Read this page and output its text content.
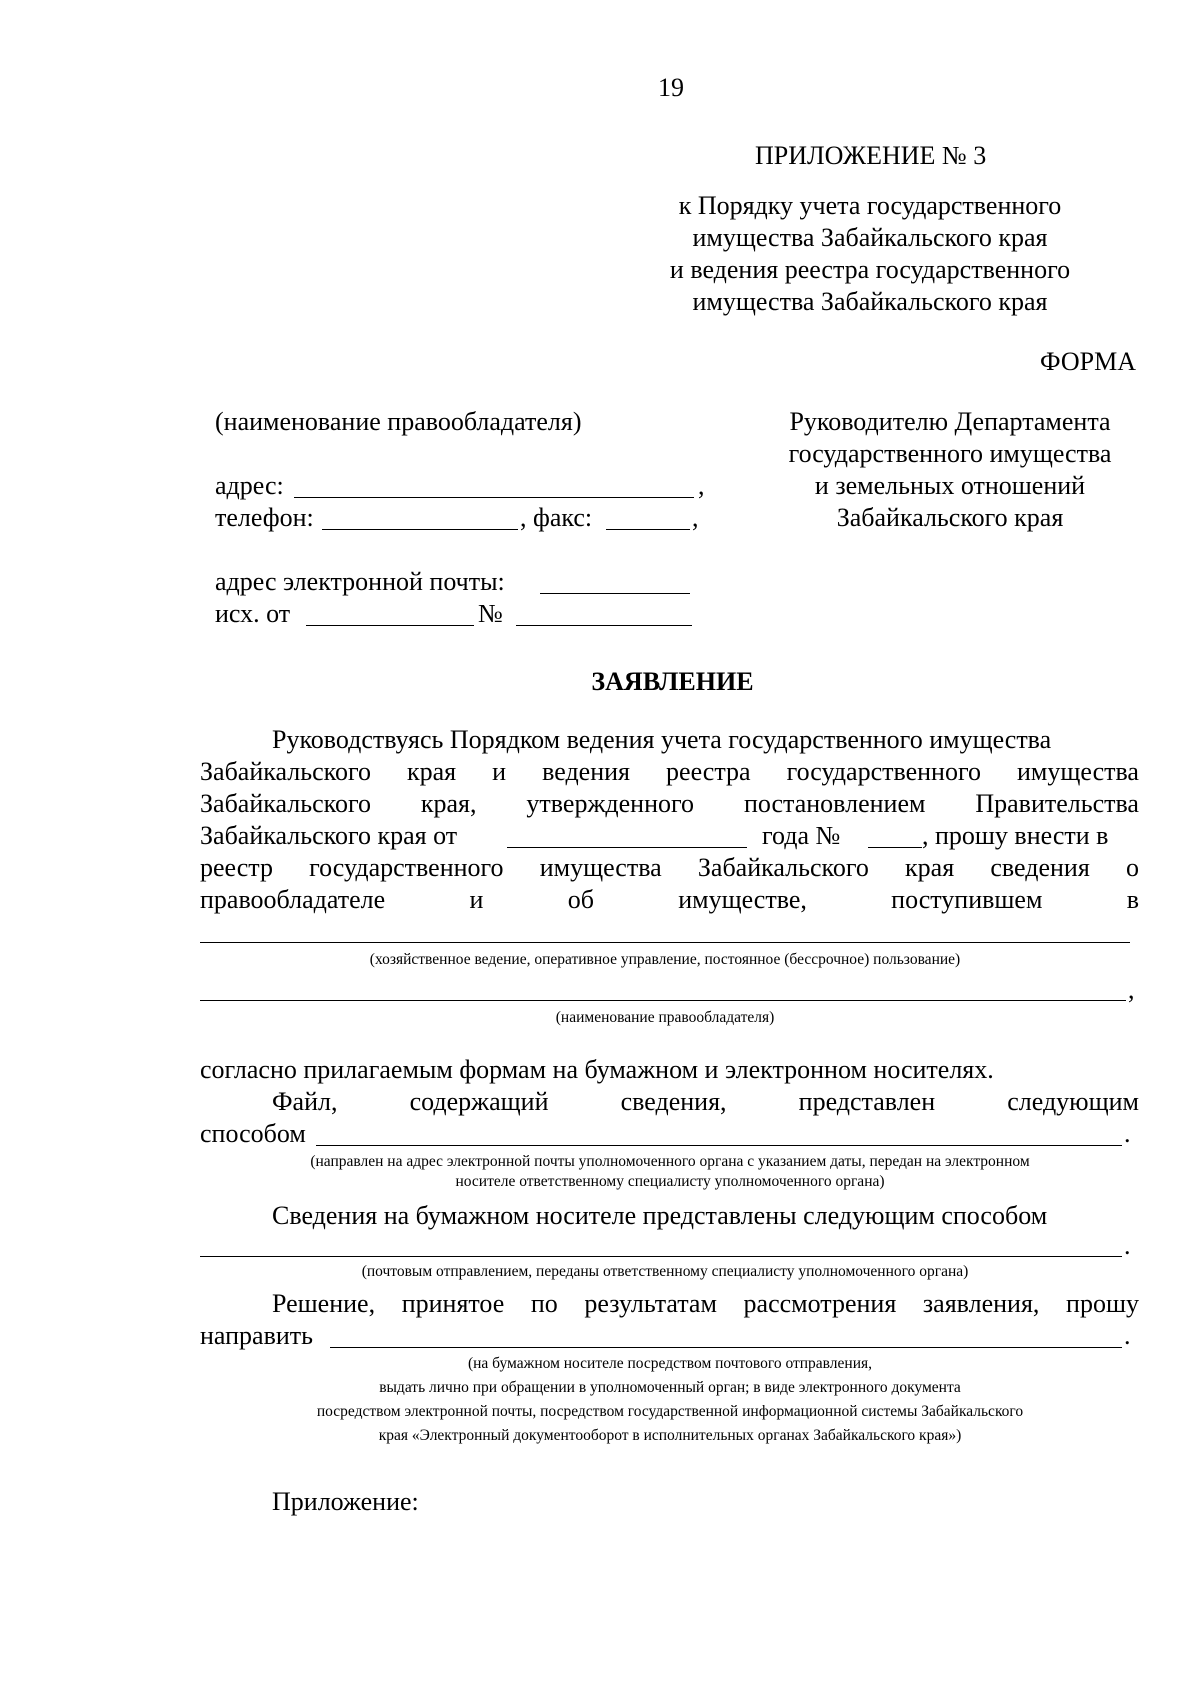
19
ПРИЛОЖЕНИЕ № 3
к Порядку учета государственного
имущества Забайкальского края
и ведения реестра государственного
имущества Забайкальского края
ФОРМА
(наименование правообладателя)
адрес:	,
телефон:	, факс:	,
адрес электронной почты:
исх. от	№
Руководителю Департамента
государственного имущества
и земельных отношений
Забайкальского края
ЗАЯВЛЕНИЕ
Руководствуясь Порядком ведения учета государственного имущества
Забайкальского края и ведения реестра государственного имущества
Забайкальского края, утвержденного постановлением Правительства
Забайкальского края от	года №	, прошу внести в
реестр государственного имущества Забайкальского края сведения о
правообладателе	и	об	имуществе,	поступившем	в
(хозяйственное ведение, оперативное управление, постоянное (бессрочное) пользование)
,
(наименование правообладателя)
согласно прилагаемым формам на бумажном и электронном носителях.
Файл,	содержащий	сведения,	представлен	следующим
способом	.
(направлен на адрес электронной почты уполномоченного органа с указанием даты, передан на электронном
носителе ответственному специалисту уполномоченного органа)
Сведения на бумажном носителе представлены следующим способом
.
(почтовым отправлением, переданы ответственному специалисту уполномоченного органа)
Решение, принятое по результатам рассмотрения заявления, прошу
направить	.
(на бумажном носителе посредством почтового отправления,
выдать лично при обращении в уполномоченный орган; в виде электронного документа
посредством электронной почты, посредством государственной информационной системы Забайкальского
края «Электронный документооборот в исполнительных органах Забайкальского края»)
Приложение:
